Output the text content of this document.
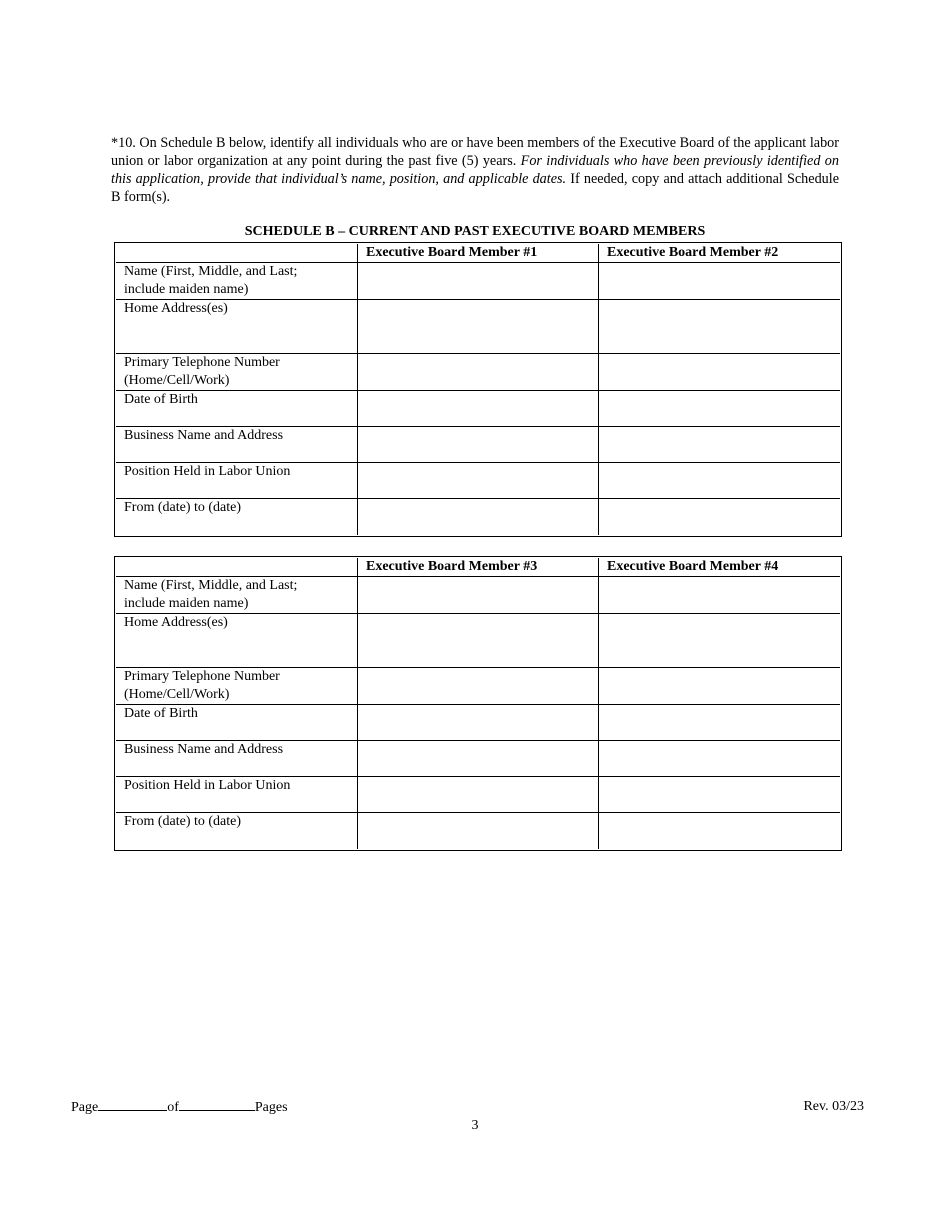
*10. On Schedule B below, identify all individuals who are or have been members of the Executive Board of the applicant labor union or labor organization at any point during the past five (5) years. For individuals who have been previously identified on this application, provide that individual’s name, position, and applicable dates. If needed, copy and attach additional Schedule B form(s).

SCHEDULE B – CURRENT AND PAST EXECUTIVE BOARD MEMBERS
	Executive Board Member #1	Executive Board Member #2
Name (First, Middle, and Last;
include maiden name)		
Home Address(es)		
Primary Telephone Number
(Home/Cell/Work)		
Date of Birth		
Business Name and Address		
Position Held in Labor Union		
From (date) to (date)		
	Executive Board Member #3	Executive Board Member #4
Name (First, Middle, and Last;
include maiden name)		
Home Address(es)		
Primary Telephone Number
(Home/Cell/Work)		
Date of Birth		
Business Name and Address		
Position Held in Labor Union		
From (date) to (date)		
Page	of	Pages	Rev. 03/23
3
